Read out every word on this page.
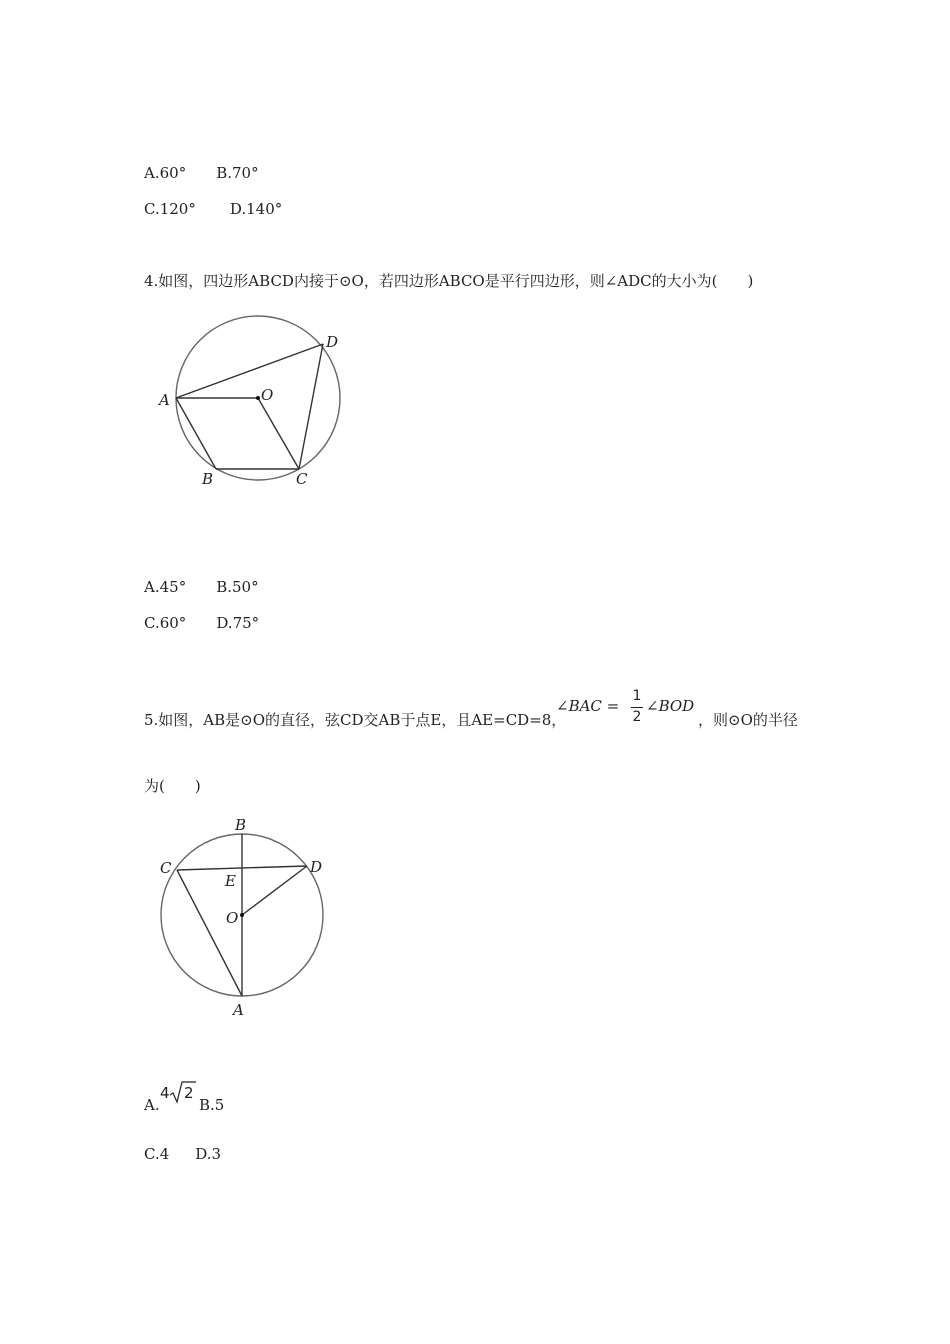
A.60° B.70°
C.120° D.140°
4.如图，四边形ABCD内接于⊙O，若四边形ABCO是平行四边形，则∠ADC的大小为(　　)
A
B	C
D
O
A.45° B.50°
C.60° D.75°
5.如图，AB是⊙O的直径，弦CD交AB于点E，且AE=CD=8，
∠BAC =
1
2
∠BOD
，则⊙O的半径
为(　　)
B
C	D
E
O
A
A.
4 2
B.5
C.4 D.3
